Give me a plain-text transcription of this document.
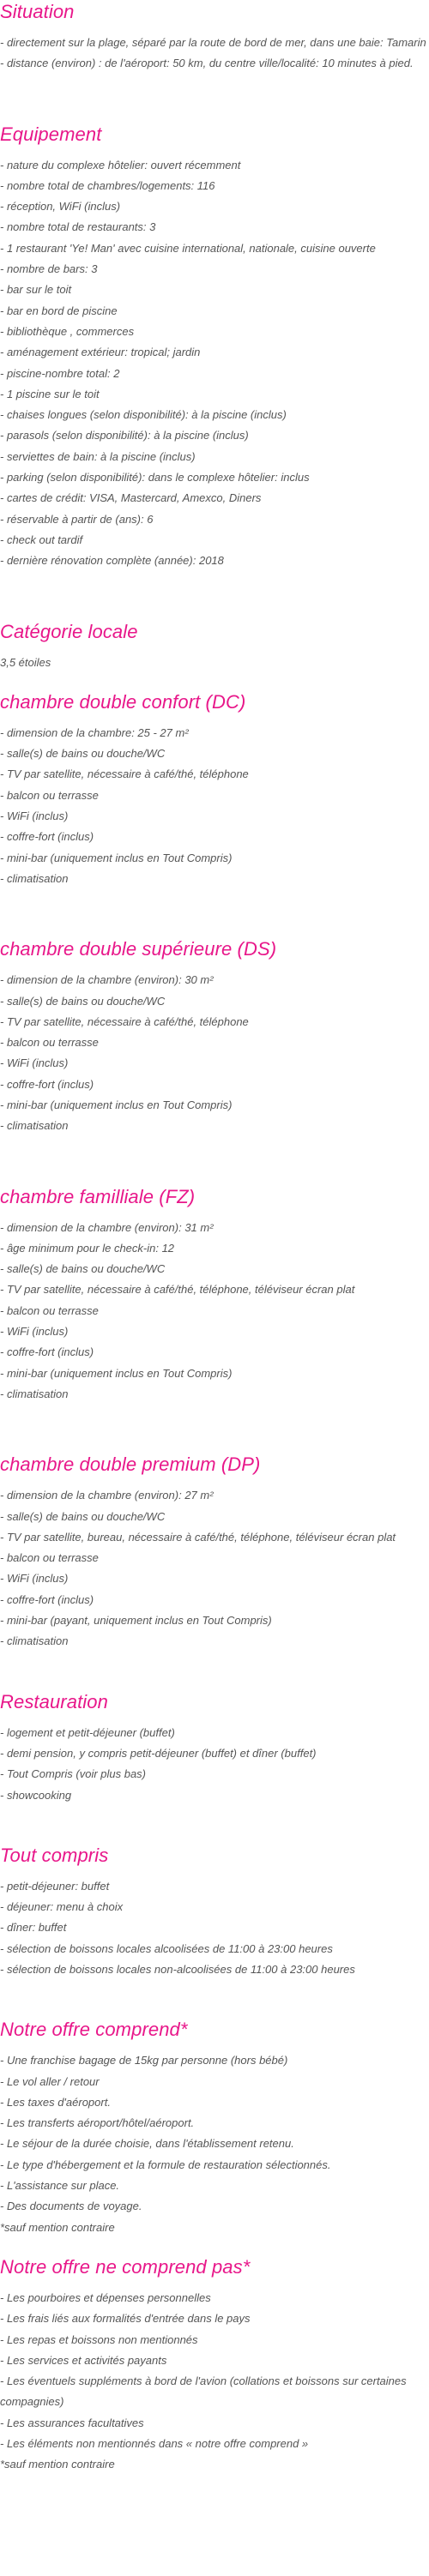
Situation

- directement sur la plage, séparé par la route de bord de mer, dans une baie: Tamarin

- distance (environ) : de l'aéroport: 50 km, du centre ville/localité: 10 minutes à pied.

Equipement

- nature du complexe hôtelier: ouvert récemment

- nombre total de chambres/logements: 116

- réception, WiFi (inclus)

- nombre total de restaurants: 3

- 1 restaurant 'Ye! Man' avec cuisine international, nationale, cuisine ouverte

- nombre de bars: 3

- bar sur le toit

- bar en bord de piscine

- bibliothèque , commerces

- aménagement extérieur: tropical; jardin

- piscine-nombre total: 2

- 1 piscine sur le toit

- chaises longues (selon disponibilité): à la piscine (inclus)

- parasols (selon disponibilité): à la piscine (inclus)

- serviettes de bain: à la piscine (inclus)

- parking (selon disponibilité): dans le complexe hôtelier: inclus

- cartes de crédit: VISA, Mastercard, Amexco, Diners

- réservable à partir de (ans): 6

- check out tardif

- dernière rénovation complète (année): 2018

Catégorie locale

3,5 étoiles

chambre double confort (DC)

- dimension de la chambre: 25 - 27 m²

- salle(s) de bains ou douche/WC

- TV par satellite, nécessaire à café/thé, téléphone

- balcon ou terrasse

- WiFi (inclus)

- coffre-fort (inclus)

- mini-bar (uniquement inclus en Tout Compris)

- climatisation

chambre double supérieure (DS)

- dimension de la chambre (environ): 30 m²

- salle(s) de bains ou douche/WC

- TV par satellite, nécessaire à café/thé, téléphone

- balcon ou terrasse

- WiFi (inclus)

- coffre-fort (inclus)

- mini-bar (uniquement inclus en Tout Compris)

- climatisation

chambre familliale (FZ)

- dimension de la chambre (environ): 31 m²

- âge minimum pour le check-in: 12

- salle(s) de bains ou douche/WC

- TV par satellite, nécessaire à café/thé, téléphone, téléviseur écran plat

- balcon ou terrasse

- WiFi (inclus)

- coffre-fort (inclus)

- mini-bar (uniquement inclus en Tout Compris)

- climatisation

chambre double premium (DP)

- dimension de la chambre (environ): 27 m²

- salle(s) de bains ou douche/WC

- TV par satellite, bureau, nécessaire à café/thé, téléphone, téléviseur écran plat

- balcon ou terrasse

- WiFi (inclus)

- coffre-fort (inclus)

- mini-bar (payant, uniquement inclus en Tout Compris)

- climatisation

Restauration

- logement et petit-déjeuner (buffet)

- demi pension, y compris petit-déjeuner (buffet) et dîner (buffet)

- Tout Compris (voir plus bas)

- showcooking

Tout compris

- petit-déjeuner: buffet

- déjeuner: menu à choix

- dîner: buffet

- sélection de boissons locales alcoolisées de 11:00 à 23:00 heures

- sélection de boissons locales non-alcoolisées de 11:00 à 23:00 heures

Notre offre comprend*

- Une franchise bagage de 15kg par personne (hors bébé)

- Le vol aller / retour

- Les taxes d'aéroport.

- Les transferts aéroport/hôtel/aéroport.

- Le séjour de la durée choisie, dans l'établissement retenu.

- Le type d'hébergement et la formule de restauration sélectionnés.

- L'assistance sur place.

- Des documents de voyage.

*sauf mention contraire

Notre offre ne comprend pas*

- Les pourboires et dépenses personnelles

- Les frais liés aux formalités d'entrée dans le pays

- Les repas et boissons non mentionnés

- Les services et activités payants

- Les éventuels suppléments à bord de l'avion (collations et boissons sur certaines compagnies)

- Les assurances facultatives

- Les éléments non mentionnés dans « notre offre comprend »

*sauf mention contraire
